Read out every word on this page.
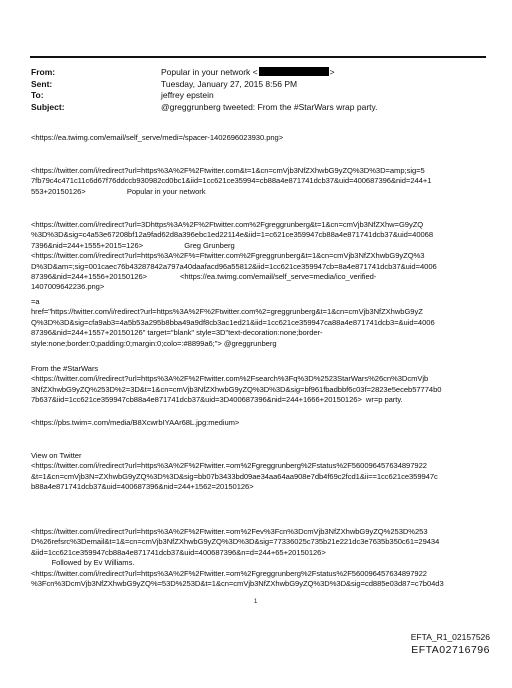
From:	Popular in your network <	>
Sent:	Tuesday, January 27, 2015 8:56 PM
To:	jeffrey epstein
Subject:	@greggrunberg tweeted: From the #StarWars wrap party.
<https://ea.twimg.com/email/self_serve/medi=/spacer-1402696023930.png>
<https://twitter.com/i/redirect?url=https%3A%2F%2Ftwitter.com&t=1&cn=cmVjb3NfZXhwbG9yZQ%3D%3D=amp;sig=5
7fb79c4c471c11c6d67f76ddccb930982cd0bc1&iid=1cc621ce35994=cb88a4e871741dcb37&uid=400687396&nid=244+1
553+20150126>                    Popular in your network
<https://twitter.com/i/redirect?url=3Dhttps%3A%2F%2Ftwitter.com%2Fgreggrunberg&t=1&cn=cmVjb3NfZXhw=G9yZQ
%3D%3D&sig=c4a53e67208bf12a9fad62d8a396ebc1ed22114e&iid=1=c621ce359947cb88a4e871741dcb37&uid=40068
7396&nid=244+1555+2015=126>                    Greg Grunberg
<https://twitter.com/i/redirect?url=https%3A%2F%=Ftwitter.com%2Fgreggrunberg&t=1&cn=cmVjb3NfZXhwbG9yZQ%3
D%3D&am=;sig=001caec76b43287842a797a40daafacd96a55812&iid=1cc621ce359947cb=8a4e871741dcb37&uid=4006
87396&nid=244+1556+20150126>                <https://ea.twimg.com/email/self_serve=media/ico_verified-
1407009642236.png>
=a
href="https://twitter.com/i/redirect?url=https%3A%2F%2Ftwitter.com%2=greggrunberg&t=1&cn=cmVjb3NfZXhwbG9yZ
Q%3D%3D&sig=cfa9ab3=4a5b53a295b8bba49a9df8cb3ac1ed21&iid=1cc621ce359947ca88a4e871741dcb3=&uid=4006
87396&nid=244+1557+20150126" target="blank" style=3D"text-decoration:none;border-
style:none;border:0;padding:0;margin:0;colo=:#8899a6;"> @greggrunberg
From the #StarWars
<https://twitter.com/i/redirect?url=https%3A%2F%2Ftwitter.com%2Fsearch%3Fq%3D%2523StarWars%26cn%3DcmVjb
3NfZXhwbG9yZQ%253D%2=3D&t=1&cn=cmVjb3NfZXhwbG9yZQ%3D%3D&sig=bf961fbadbbf6c03f=2823e5eceb57774b0
7b637&iid=1cc621ce359947cb88a4e871741dcb37&uid=3D400687396&nid=244+1666+20150126>  wr=p party.
<https://pbs.twim=.com/media/B8XcwrbIYAAr68L.jpg:medium>
View on Twitter
<https://twitter.com/i/redirect?url=https%3A%2F%2Ftwitter.=om%2Fgreggrunberg%2Fstatus%2F560096457634897922
&t=1&cn=cmVjb3N=ZXhwbG9yZQ%3D%3D&sig=bb07b3433bd09ae34aa64aa908e7db4f69c2fcd1&ii==1cc621ce359947c
b88a4e871741dcb37&uid=400687396&nid=244+1562=20150126>
<https://twitter.com/i/redirect?url=https%3A%2F%2Ftwitter.=om%2Fev%3Fcn%3DcmVjb3NfZXhwbG9yZQ%253D%253
D%26refsrc%3Demail&t=1&=cn=cmVjb3NfZXhwbG9yZQ%3D%3D&sig=77336025c735b21e221dc3e7635b350c61=29434
&iid=1cc621ce359947cb88a4e871741dcb37&uid=400687396&n=d=244+65+20150126>
Followed by Ev Williams.
<https://twitter.com/i/redirect?url=https%3A%2F%2Ftwitter.=om%2Fgreggrunberg%2Fstatus%2F560096457634897922
%3Fcn%3DcmVjb3NfZXhwbG9yZQ%=53D%253D&t=1&cn=cmVjb3NfZXhwbG9yZQ%3D%3D&sig=cd885e03d87=c7b04d3
1
EFTA_R1_02157526
EFTA02716796
